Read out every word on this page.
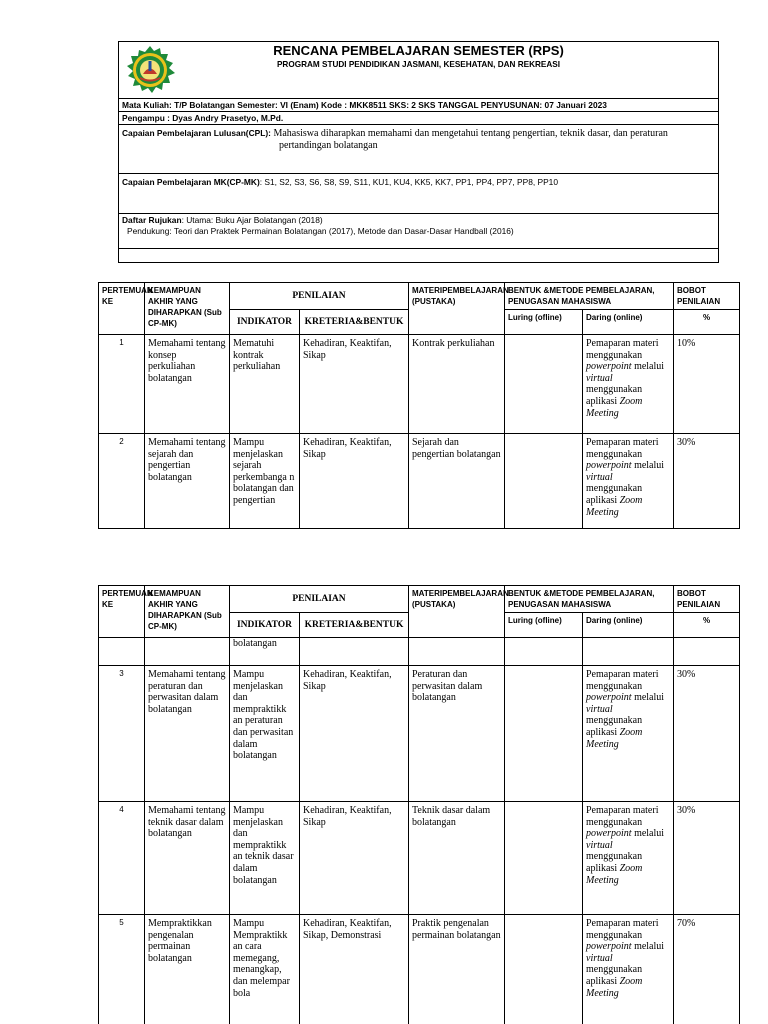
RENCANA PEMBELAJARAN SEMESTER (RPS)
PROGRAM STUDI PENDIDIKAN JASMANI, KESEHATAN, DAN REKREASI
Mata Kuliah: T/P Bolatangan Semester: VI (Enam) Kode : MKK8511 SKS: 2 SKS TANGGAL PENYUSUNAN: 07 Januari 2023
Pengampu : Dyas Andry Prasetyo, M.Pd.
Capaian Pembelajaran Lulusan(CPL): Mahasiswa diharapkan memahami dan mengetahui tentang pengertian, teknik dasar, dan peraturan
pertandingan bolatangan
Capaian Pembelajaran MK(CP-MK): S1, S2, S3, S6, S8, S9, S11, KU1, KU4, KK5, KK7, PP1, PP4, PP7, PP8, PP10
Daftar Rujukan: Utama: Buku Ajar Bolatangan (2018)
Pendukung: Teori dan Praktek Permainan Bolatangan (2017), Metode dan Dasar-Dasar Handball (2016)
PERTEMUAN KE	KEMAMPUAN AKHIR YANG DIHARAPKAN (Sub CP-MK)	PENILAIAN		MATERIPEMBELAJARAN (PUSTAKA)	BENTUK &METODE PEMBELAJARAN, PENUGASAN MAHASISWA		BOBOT PENILAIAN
		INDIKATOR	KRETERIA&BENTUK		Luring (ofline)	Daring (online)	%
1	Memahami tentang konsep perkuliahan bolatangan	Mematuhi kontrak perkuliahan	Kehadiran, Keaktifan, Sikap	Kontrak perkuliahan		Pemaparan materi menggunakan powerpoint melalui virtual menggunakan aplikasi Zoom Meeting	10%
2	Memahami tentang sejarah dan pengertian bolatangan	Mampu menjelaskan sejarah perkembanga n bolatangan dan pengertian	Kehadiran, Keaktifan, Sikap	Sejarah dan pengertian bolatangan		Pemaparan materi menggunakan powerpoint melalui virtual menggunakan aplikasi Zoom Meeting	30%
PERTEMUAN KE	KEMAMPUAN AKHIR YANG DIHARAPKAN (Sub CP-MK)	PENILAIAN		MATERIPEMBELAJARAN (PUSTAKA)	BENTUK &METODE PEMBELAJARAN, PENUGASAN MAHASISWA		BOBOT PENILAIAN
		INDIKATOR	KRETERIA&BENTUK		Luring (ofline)	Daring (online)	%
		bolatangan					
3	Memahami tentang peraturan dan perwasitan dalam bolatangan	Mampu menjelaskan dan mempraktikk an peraturan dan perwasitan dalam bolatangan	Kehadiran, Keaktifan, Sikap	Peraturan dan perwasitan dalam bolatangan		Pemaparan materi menggunakan powerpoint melalui virtual menggunakan aplikasi Zoom Meeting	30%
4	Memahami tentang teknik dasar dalam bolatangan	Mampu menjelaskan dan mempraktikk an teknik dasar dalam bolatangan	Kehadiran, Keaktifan, Sikap	Teknik dasar dalam bolatangan		Pemaparan materi menggunakan powerpoint melalui virtual menggunakan aplikasi Zoom Meeting	30%
5	Mempraktikkan pengenalan permainan bolatangan	Mampu Mempraktikk an cara memegang, menangkap, dan melempar bola	Kehadiran, Keaktifan, Sikap, Demonstrasi	Praktik pengenalan permainan bolatangan		Pemaparan materi menggunakan powerpoint melalui virtual menggunakan aplikasi Zoom Meeting	70%
